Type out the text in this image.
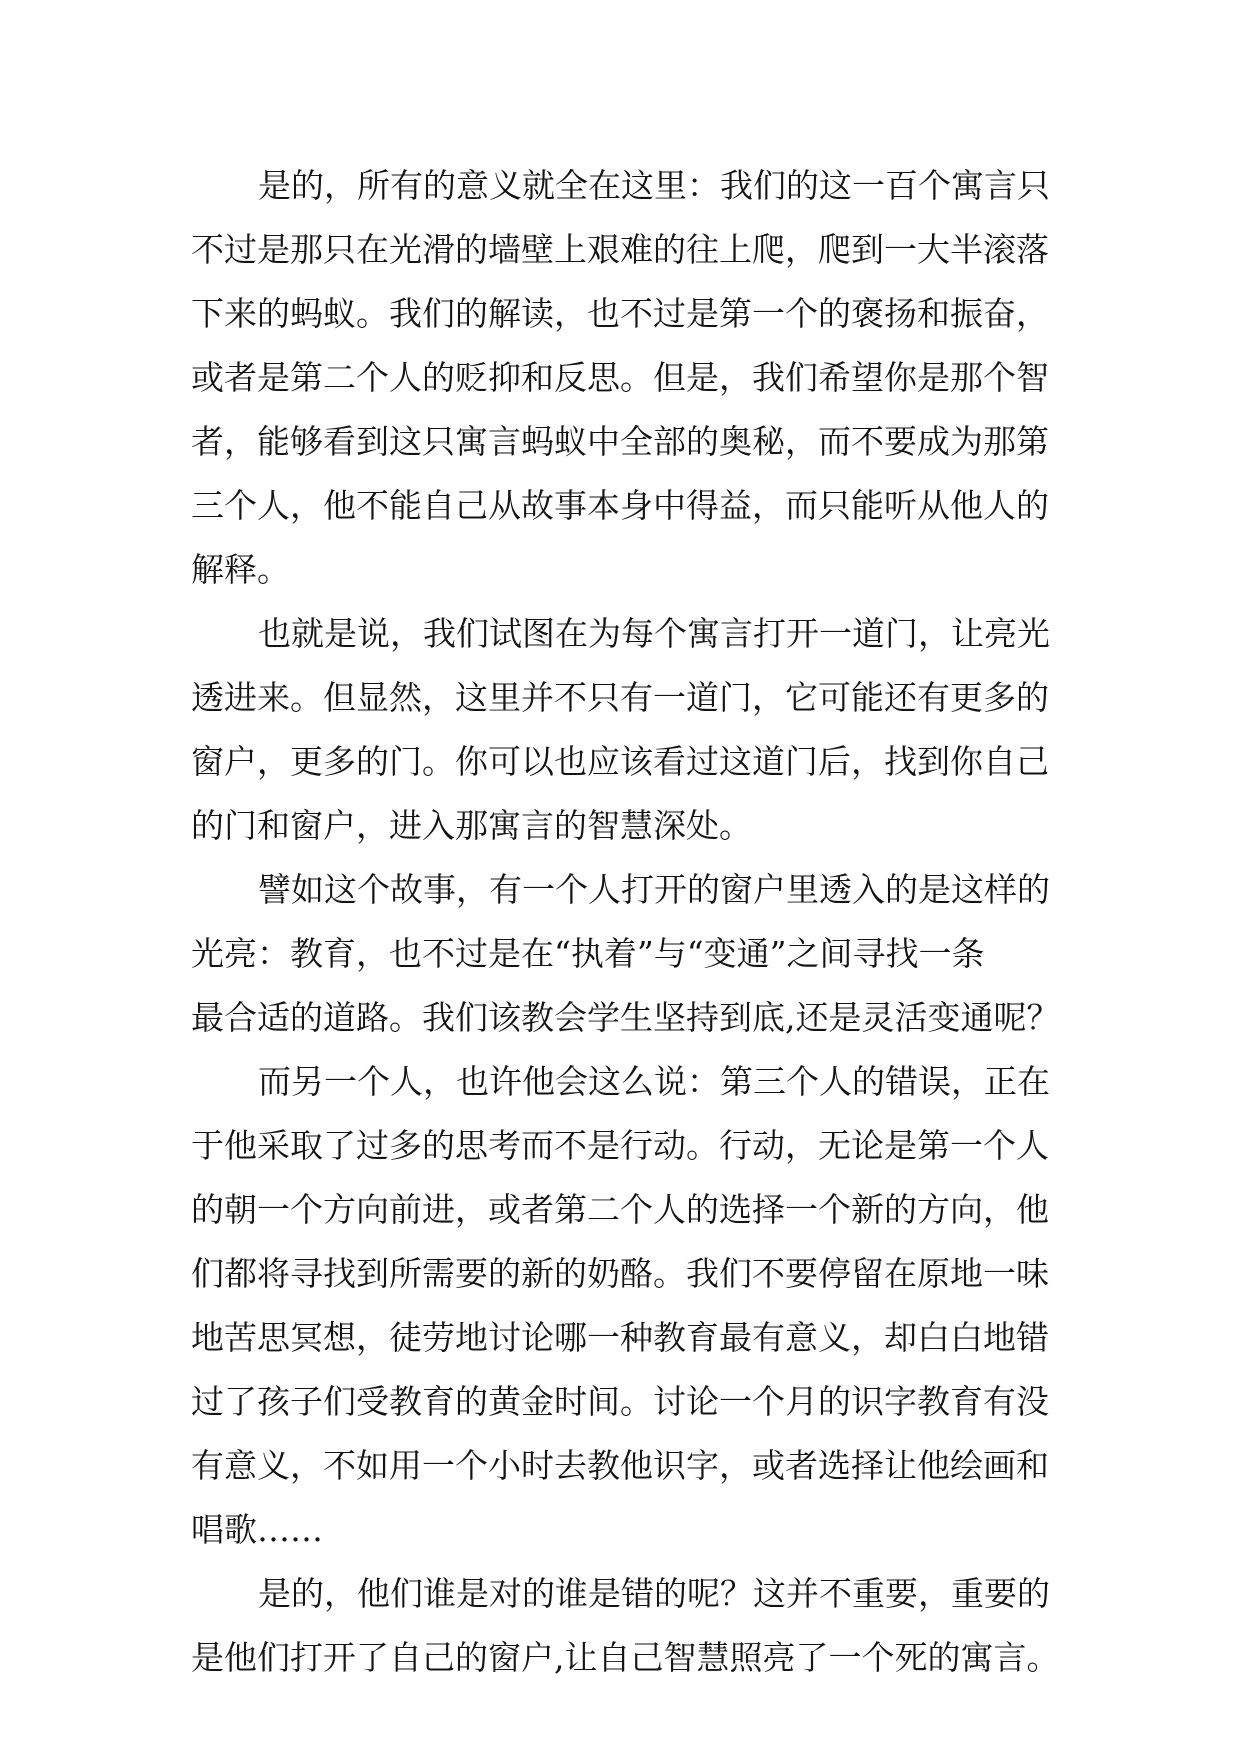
是的，所有的意义就全在这里：我们的这一百个寓言只
不过是那只在光滑的墙壁上艰难的往上爬，爬到一大半滚落
下来的蚂蚁。我们的解读，也不过是第一个的褒扬和振奋，
或者是第二个人的贬抑和反思。但是，我们希望你是那个智
者，能够看到这只寓言蚂蚁中全部的奥秘，而不要成为那第
三个人，他不能自己从故事本身中得益，而只能听从他人的
解释。
也就是说，我们试图在为每个寓言打开一道门，让亮光
透进来。但显然，这里并不只有一道门，它可能还有更多的
窗户，更多的门。你可以也应该看过这道门后，找到你自己
的门和窗户，进入那寓言的智慧深处。
譬如这个故事，有一个人打开的窗户里透入的是这样的
光亮：教育，也不过是在“执着”与“变通”之间寻找一条
最合适的道路。我们该教会学生坚持到底,还是灵活变通呢？
而另一个人，也许他会这么说：第三个人的错误，正在
于他采取了过多的思考而不是行动。行动，无论是第一个人
的朝一个方向前进，或者第二个人的选择一个新的方向，他
们都将寻找到所需要的新的奶酪。我们不要停留在原地一味
地苦思冥想，徒劳地讨论哪一种教育最有意义，却白白地错
过了孩子们受教育的黄金时间。讨论一个月的识字教育有没
有意义，不如用一个小时去教他识字，或者选择让他绘画和
唱歌……
是的，他们谁是对的谁是错的呢？这并不重要，重要的
是他们打开了自己的窗户,让自己智慧照亮了一个死的寓言。
